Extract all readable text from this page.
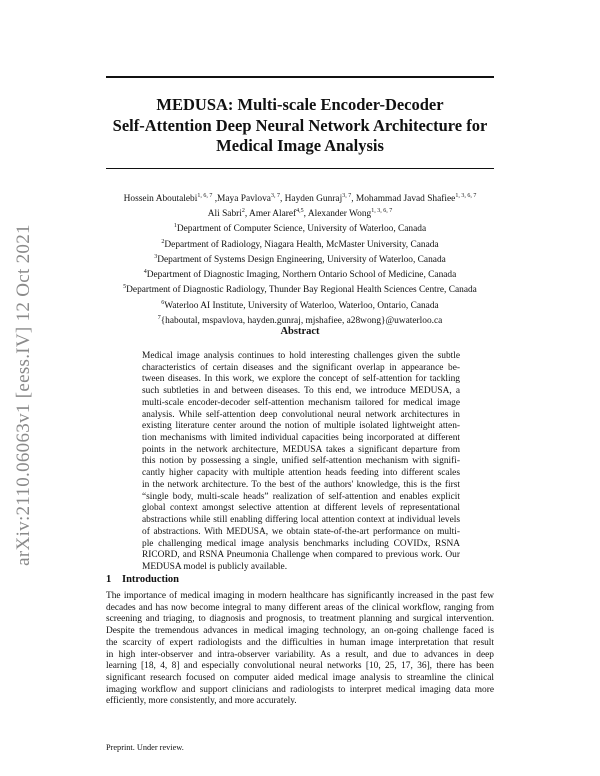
arXiv:2110.06063v1 [eess.IV] 12 Oct 2021
MEDUSA: Multi-scale Encoder-Decoder
Self-Attention Deep Neural Network Architecture for
Medical Image Analysis
Hossein Aboutalebi$^{1, 6, 7}$ ,Maya Pavlova$^{3, 7}$, Hayden Gunraj$^{3, 7}$, Mohammad Javad Shafiee$^{1, 3, 6, 7}$
Ali Sabri$^2$, Amer Alaref$^{4,5}$, Alexander Wong$^{1, 3, 6, 7}$
$^1$Department of Computer Science, University of Waterloo, Canada
$^2$Department of Radiology, Niagara Health, McMaster University, Canada
$^3$Department of Systems Design Engineering, University of Waterloo, Canada
$^4$Department of Diagnostic Imaging, Northern Ontario School of Medicine, Canada
$^5$Department of Diagnostic Radiology, Thunder Bay Regional Health Sciences Centre, Canada
$^6$Waterloo AI Institute, University of Waterloo, Waterloo, Ontario, Canada
$^7${haboutal, mspavlova, hayden.gunraj, mjshafiee, a28wong}@uwaterloo.ca
Abstract
Medical image analysis continues to hold interesting challenges given the subtle
characteristics of certain diseases and the significant overlap in appearance be-
tween diseases. In this work, we explore the concept of self-attention for tackling
such subtleties in and between diseases. To this end, we introduce MEDUSA, a
multi-scale encoder-decoder self-attention mechanism tailored for medical image
analysis. While self-attention deep convolutional neural network architectures in
existing literature center around the notion of multiple isolated lightweight atten-
tion mechanisms with limited individual capacities being incorporated at different
points in the network architecture, MEDUSA takes a significant departure from
this notion by possessing a single, unified self-attention mechanism with signifi-
cantly higher capacity with multiple attention heads feeding into different scales
in the network architecture. To the best of the authors' knowledge, this is the first
“single body, multi-scale heads” realization of self-attention and enables explicit
global context amongst selective attention at different levels of representational
abstractions while still enabling differing local attention context at individual levels
of abstractions. With MEDUSA, we obtain state-of-the-art performance on multi-
ple challenging medical image analysis benchmarks including COVIDx, RSNA
RICORD, and RSNA Pneumonia Challenge when compared to previous work. Our
MEDUSA model is publicly available.
1 Introduction
The importance of medical imaging in modern healthcare has significantly increased in the past few
decades and has now become integral to many different areas of the clinical workflow, ranging from
screening and triaging, to diagnosis and prognosis, to treatment planning and surgical intervention.
Despite the tremendous advances in medical imaging technology, an on-going challenge faced is
the scarcity of expert radiologists and the difficulties in human image interpretation that result
in high inter-observer and intra-observer variability. As a result, and due to advances in deep
learning [18, 4, 8] and especially convolutional neural networks [10, 25, 17, 36], there has been
significant research focused on computer aided medical image analysis to streamline the clinical
imaging workflow and support clinicians and radiologists to interpret medical imaging data more
efficiently, more consistently, and more accurately.
Preprint. Under review.
